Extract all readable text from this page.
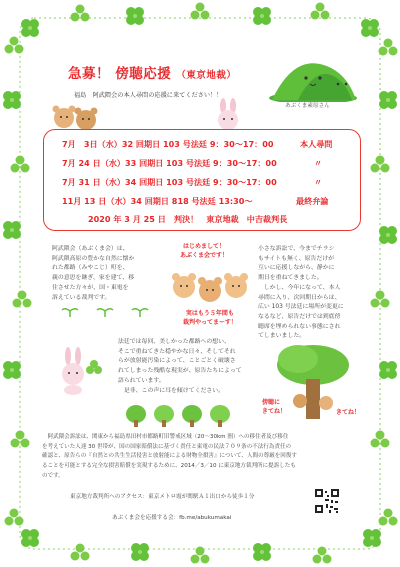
急募！ 傍聴応援 （東京地裁）
あぶくま素原さん
福島　阿武隈会の本人尋問の応援に来てください！！
7月　3日（水）32 回期日 103 号法廷 9：30～17：00	本人尋問
7月 24 日（水）33 回期日 103 号法廷 9：30～17：00	〃
7月 31 日（水）34 回期日 103 号法廷 9：30～17：00	〃
11月 13 日（水）34 回期日 818 号法廷 13:30～	最終弁論
2020 年 3 月 25 日　判決！　東京地裁　中吉裁判長
阿武隈会（あぶくま会）は、
阿武隈高原の豊かな自然に懐か
れた都路（みやこじ）町を、
親の意思を継ぎ、家を建て、移
住させた方々が、国・東電を
訴えている裁判です。
はじめまして！
あぶくま会です！
実はもう５年間も
裁判やってまーす！
小さな訴訟で、今までチラシ
もサイトも無く、原告だけが
互いに応援しながら、静かに
期日を重ねてきました。
　しかし、今年になって、本人
尋問に入り、次回期日からは、
広い 103 号法廷に場所が変更に
なるなど、原告だけでは到底傍
聴席を埋められない事態にされ
てしまいました。
法廷では毎回、美しかった都路への想い、
そこで重ねてきた穏やかな日々、そしてそれ
らが放射能汚染によって、ことごとく破壊さ
れてしまった残酷な現実が、原告たちによって
語られています。
　是非、この声に耳を傾けてください。
傍聴に
きてね！	きてね！
　阿武隈会訴訟は、関東から福島県田村市都路町旧警戒区域（20～30km 圏）への移住者及び移住
を考えていた人達 30 世帯が、国の国家賠償法に基づく責任と東電の民法７０９条の不法行為責任の
確認と、原告らの『自然との共生生活侵害と放射能による財物全損害』について、人間の尊厳を回復す
ることを可能とする完全な損害賠償を実現するために、2014／3／10 に東京地方裁判所に提訴したも
のです。
東京地方裁判所へのアクセス：東京メトロ霞が関駅Ａ１出口から徒歩１分
あぶくま会を応援する会：fb.me/abukumakai
